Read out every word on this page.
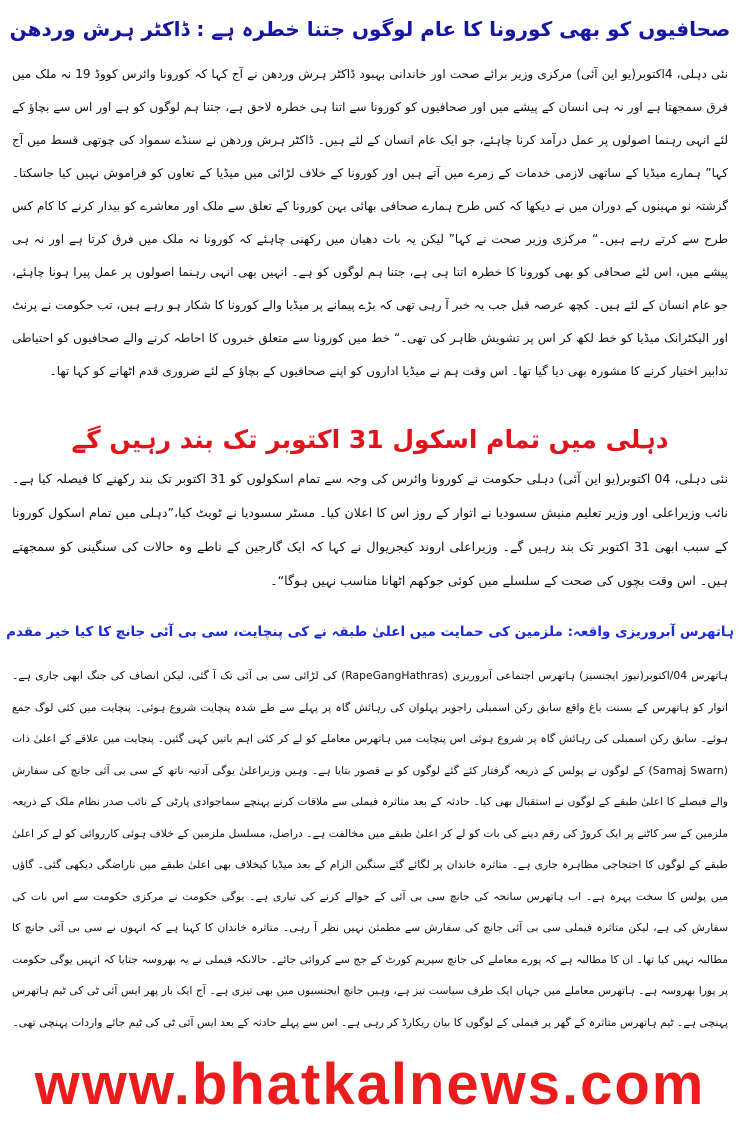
صحافیوں کو بھی کورونا کا عام لوگوں جتنا خطرہ ہے : ڈاکٹر ہرش وردھن

نئی دہلی، 4اکتوبر(یو این آئی) مرکزی وزیر برائے صحت اور خاندانی بہبود ڈاکٹر ہرش وردھن نے آج کہا کہ کورونا وائرس کووڈ 19 نہ ملک میں فرق سمجھتا ہے اور نہ ہی انسان کے پیشے میں اور صحافیوں کو کورونا سے اتنا ہی خطرہ لاحق ہے، جتنا ہم لوگوں کو ہے اور اس سے بچاؤ کے لئے انہی رہنما اصولوں پر عمل درآمد کرنا چاہئے، جو ایک عام انسان کے لئے ہیں۔ ڈاکٹر ہرش وردھن نے سنڈے سمواد کی چوتھی قسط میں آج کہا” ہمارے میڈیا کے ساتھی لازمی خدمات کے زمرے میں آتے ہیں اور کورونا کے خلاف لڑائی میں میڈیا کے تعاون کو فراموش نہیں کیا جاسکتا۔ گزشتہ نو مہینوں کے دوران میں نے دیکھا کہ کس طرح ہمارے صحافی بھائی بہن کورونا کے تعلق سے ملک اور معاشرے کو بیدار کرنے کا کام کس طرح سے کرتے رہے ہیں۔“ مرکزی وزیر صحت نے کہا” لیکن یہ بات دھیان میں رکھنی چاہئے کہ کورونا نہ ملک میں فرق کرتا ہے اور نہ ہی پیشے میں، اس لئے صحافی کو بھی کورونا کا خطرہ اتنا ہی ہے، جتنا ہم لوگوں کو ہے۔ انہیں بھی انہی رہنما اصولوں پر عمل پیرا ہونا چاہئے، جو عام انسان کے لئے ہیں۔ کچھ عرصہ قبل جب یہ خبر آ رہی تھی کہ بڑے پیمانے پر میڈیا والے کورونا کا شکار ہو رہے ہیں، تب حکومت نے پرنٹ اور الیکٹرانک میڈیا کو خط لکھ کر اس پر تشویش ظاہر کی تھی۔“ خط میں کورونا سے متعلق خبروں کا احاطہ کرنے والے صحافیوں کو احتیاطی تدابیر اختیار کرنے کا مشورہ بھی دیا گیا تھا۔ اس وقت ہم نے میڈیا اداروں کو اپنے صحافیوں کے بچاؤ کے لئے ضروری قدم اٹھانے کو کہا تھا۔

دہلی میں تمام اسکول 31 اکتوبر تک بند رہیں گے

نئی دہلی، 04 اکتوبر(یو این آئی) دہلی حکومت نے کورونا وائرس کی وجہ سے تمام اسکولوں کو 31 اکتوبر تک بند رکھنے کا فیصلہ کیا ہے۔ نائب وزیراعلی اور وزیر تعلیم منیش سسودیا نے اتوار کے روز اس کا اعلان کیا۔ مسٹر سسودیا نے ٹویٹ کیا،”دہلی میں تمام اسکول کورونا کے سبب ابھی 31 اکتوبر تک بند رہیں گے۔ وزیراعلی اروند کیجریوال نے کہا کہ ایک گارجین کے ناطے وہ حالات کی سنگینی کو سمجھتے ہیں۔ اس وقت بچوں کی صحت کے سلسلے میں کوئی جوکھم اٹھانا مناسب نہیں ہوگا“۔

ہاتھرس آبروریزی واقعہ: ملزمین کی حمایت میں اعلیٰ طبقہ نے کی پنچایت، سی بی آئی جانچ کا کیا خیر مقدم

ہاتھرس 04/اکتوبر(نیوز ایجنسیز) ہاتھرس اجتماعی آبروریزی (RapeGangHathras) کی لڑائی سی بی آئی تک آ گئی، لیکن انصاف کی جنگ ابھی جاری ہے۔ اتوار کو ہاتھرس کے بسنت باغ واقع سابق رکن اسمبلی راجویر پہلوان کی رہائش گاہ پر پہلے سے طے شدہ پنچایت شروع ہوئی۔ پنچایت میں کئی لوگ جمع ہوئے۔ سابق رکن اسمبلی کی رہائش گاہ پر شروع ہوئی اس پنچایت میں ہاتھرس معاملے کو لے کر کئی اہم باتیں کہی گئیں۔ پنچایت میں علاقے کے اعلیٰ ذات (Samaj Swarn) کے لوگوں نے پولس کے ذریعہ گرفتار کئے گئے لوگوں کو بے قصور بتایا ہے۔ وہیں وزیراعلیٰ یوگی آدتیہ ناتھ کے سی بی آئی جانچ کی سفارش والے فیصلے کا اعلیٰ طبقے کے لوگوں نے استقبال بھی کیا۔ حادثہ کے بعد متاثرہ فیملی سے ملاقات کرنے پہنچے سماجوادی پارٹی کے نائب صدر نظام ملک کے ذریعہ ملزمین کے سر کاٹنے پر ایک کروڑ کی رقم دینے کی بات کو لے کر اعلیٰ طبقے میں مخالفت ہے۔ دراصل، مسلسل ملزمین کے خلاف ہوئی کارروائی کو لے کر اعلیٰ طبقے کے لوگوں کا احتجاجی مظاہرہ جاری ہے۔ متاثرہ خاندان پر لگائے گئے سنگین الزام کے بعد میڈیا کیخلاف بھی اعلیٰ طبقے میں ناراضگی دیکھی گئی۔ گاؤں میں پولس کا سخت پہرہ ہے۔ اب ہاتھرس سانحہ کی جانچ سی بی آئی کے حوالے کرنے کی تیاری ہے۔ یوگی حکومت نے مرکزی حکومت سے اس بات کی سفارش کی ہے، لیکن متاثرہ فیملی سی بی آئی جانچ کی سفارش سے مطمئن نہیں نظر آ رہی۔ متاثرہ خاندان کا کہنا ہے کہ انہوں نے سی بی آئی جانچ کا مطالبہ نہیں کیا تھا۔ ان کا مطالبہ ہے کہ پورے معاملے کی جانچ سپریم کورٹ کے جج سے کروائی جائے۔ حالانکہ فیملی نے یہ بھروسہ جتایا کہ انہیں یوگی حکومت پر پورا بھروسہ ہے۔ ہاتھرس معاملے میں جہاں ایک طرف سیاست تیز ہے، وہیں جانچ ایجنسیوں میں بھی تیزی ہے۔ آج ایک بار پھر ایس آئی ٹی کی ٹیم ہاتھرس پہنچی ہے۔ ٹیم ہاتھرس متاثرہ کے گھر پر فیملی کے لوگوں کا بیان ریکارڈ کر رہی ہے۔ اس سے پہلے حادثہ کے بعد ایس آئی ٹی کی ٹیم جائے واردات پہنچی تھی۔

www.bhatkalnews.com
